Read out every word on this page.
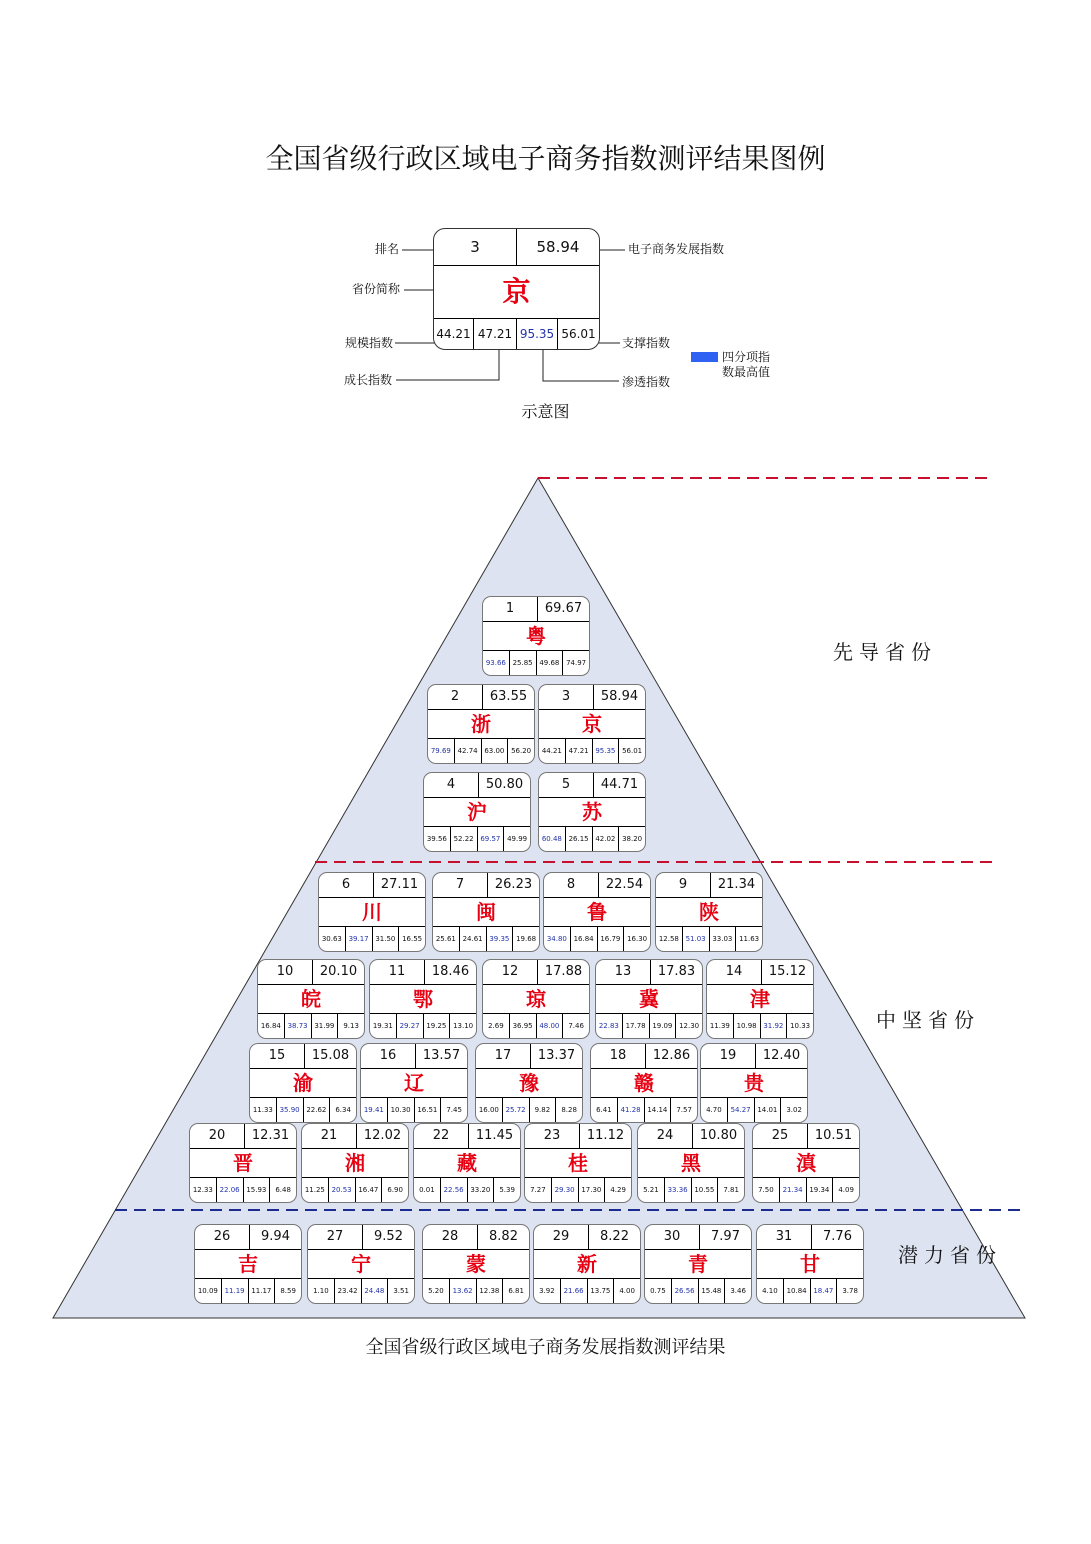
全国省级行政区域电子商务指数测评结果图例
3	58.94
京
44.21 47.21 95.35 56.01
排名	电子商务发展指数
省份简称
规模指数	支撑指数
成长指数	渗透指数
四分项指数最高值
示意图
1	69.67
粤
93.66 25.85 49.68 74.97
2	63.55
浙
79.69 42.74 63.00 56.20
3	58.94
京
44.21 47.21 95.35 56.01
4	50.80
沪
39.56 52.22 69.57 49.99
5	44.71
苏
60.48 26.15 42.02 38.20
6	27.11
川
30.63 39.17 31.50 16.55
7	26.23
闽
25.61 24.61 39.35 19.68
8	22.54
鲁
34.80 16.84 16.79 16.30
9	21.34
陕
12.58 51.03 33.03 11.63
10	20.10
皖
16.84 38.73 31.99	9.13
11	18.46
鄂
19.31 29.27 19.25 13.10
12	17.88
琼
2.69	36.95 48.00	7.46
13	17.83
冀
22.83 17.78 19.09 12.30
14	15.12
津
11.39 10.98 31.92 10.33
15	15.08
渝
11.33 35.90 22.62	6.34
16	13.57
辽
19.41 10.30 16.51	7.45
17	13.37
豫
16.00 25.72	9.82	8.28
18	12.86
赣
6.41	41.28 14.14	7.57
19	12.40
贵
4.70	54.27 14.01	3.02
20	12.31
晋
12.33 22.06 15.93	6.48
21	12.02
湘
11.25 20.53 16.47	6.90
22	11.45
藏
0.01	22.56 33.20	5.39
23	11.12
桂
7.27	29.30 17.30	4.29
24	10.80
黑
5.21	33.36 10.55	7.81
25	10.51
滇
7.50	21.34 19.34	4.09
26	9.94
吉
10.09 11.19 11.17	8.59
27	9.52
宁
1.10	23.42 24.48	3.51
28	8.82
蒙
5.20	13.62 12.38	6.81
29	8.22
新
3.92	21.66 13.75	4.00
30	7.97
青
0.75	26.56 15.48	3.46
31	7.76
甘
4.10	10.84 18.47	3.78
先导省份
中坚省份
潜力省份
全国省级行政区域电子商务发展指数测评结果
